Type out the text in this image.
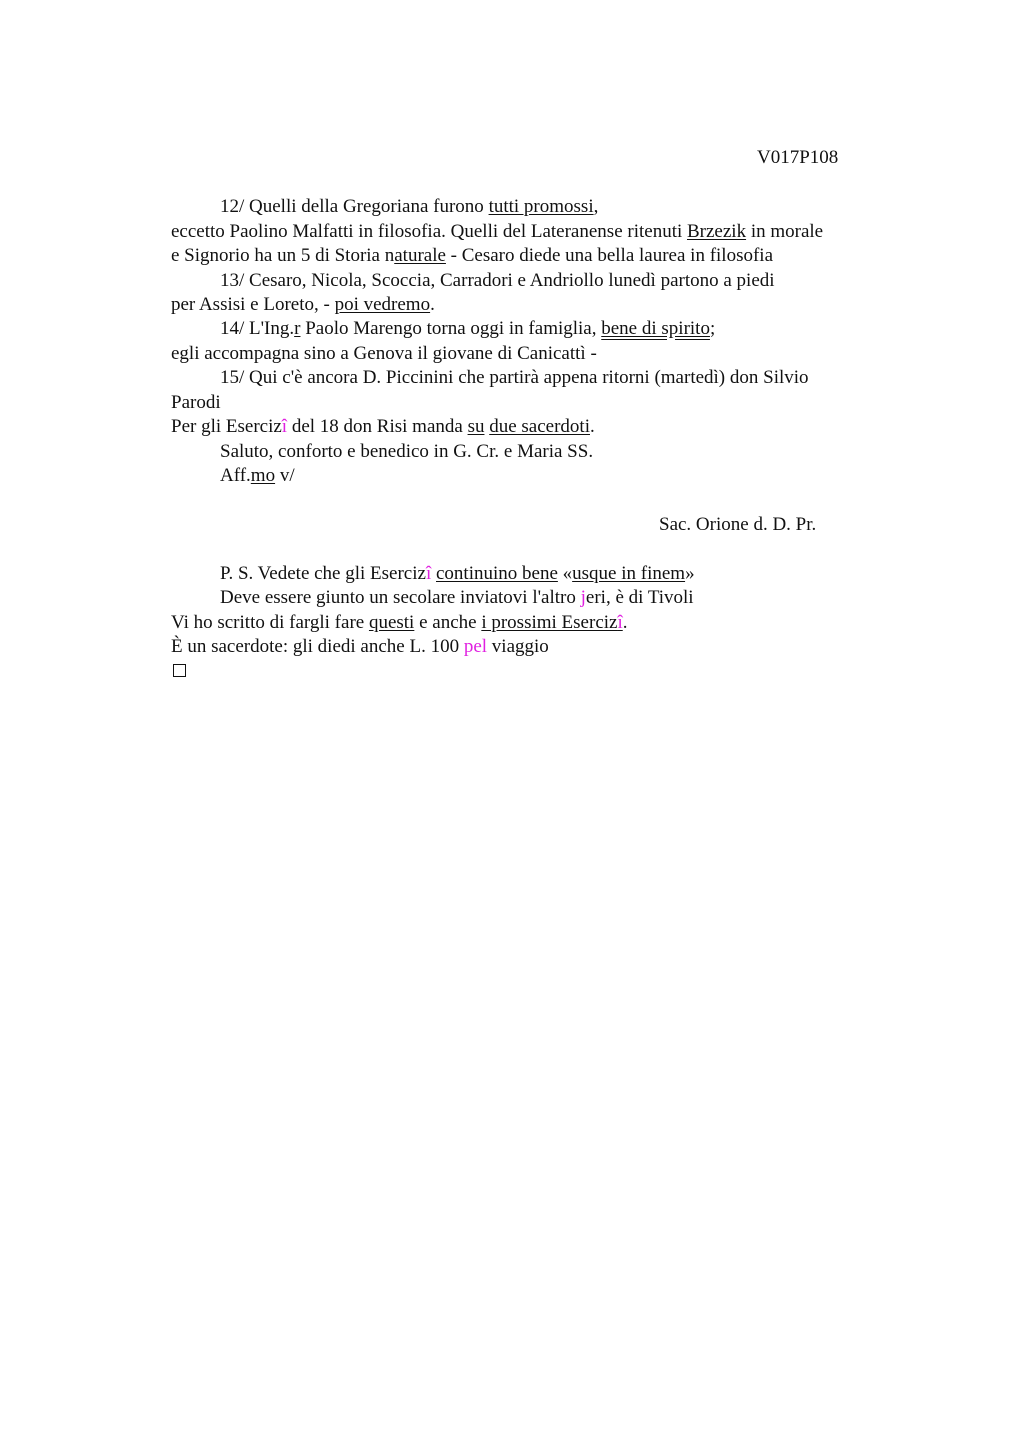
V017P108
12/ Quelli della Gregoriana furono tutti promossi,
eccetto Paolino Malfatti in filosofia. Quelli del Lateranense ritenuti Brzezik in morale
e Signorio ha un 5 di Storia naturale - Cesaro diede una bella laurea in filosofia
13/ Cesaro, Nicola, Scoccia, Carradori e Andriollo lunedì partono a piedi
per Assisi e Loreto, - poi vedremo.
14/ L'Ing.r Paolo Marengo torna oggi in famiglia, bene di spirito;
egli accompagna sino a Genova il giovane di Canicattì -
15/ Qui c'è ancora D. Piccinini che partirà appena ritorni (martedì) don Silvio
Parodi
Per gli Esercizî del 18 don Risi manda su due sacerdoti.
Saluto, conforto e benedico in G. Cr. e Maria SS.
Aff.mo v/
Sac. Orione d. D. Pr.
P. S. Vedete che gli Esercizî continuino bene «usque in finem»
Deve essere giunto un secolare inviatovi l'altro jeri, è di Tivoli
Vi ho scritto di fargli fare questi e anche i prossimi Esercizî.
È un sacerdote: gli diedi anche L. 100 pel viaggio
